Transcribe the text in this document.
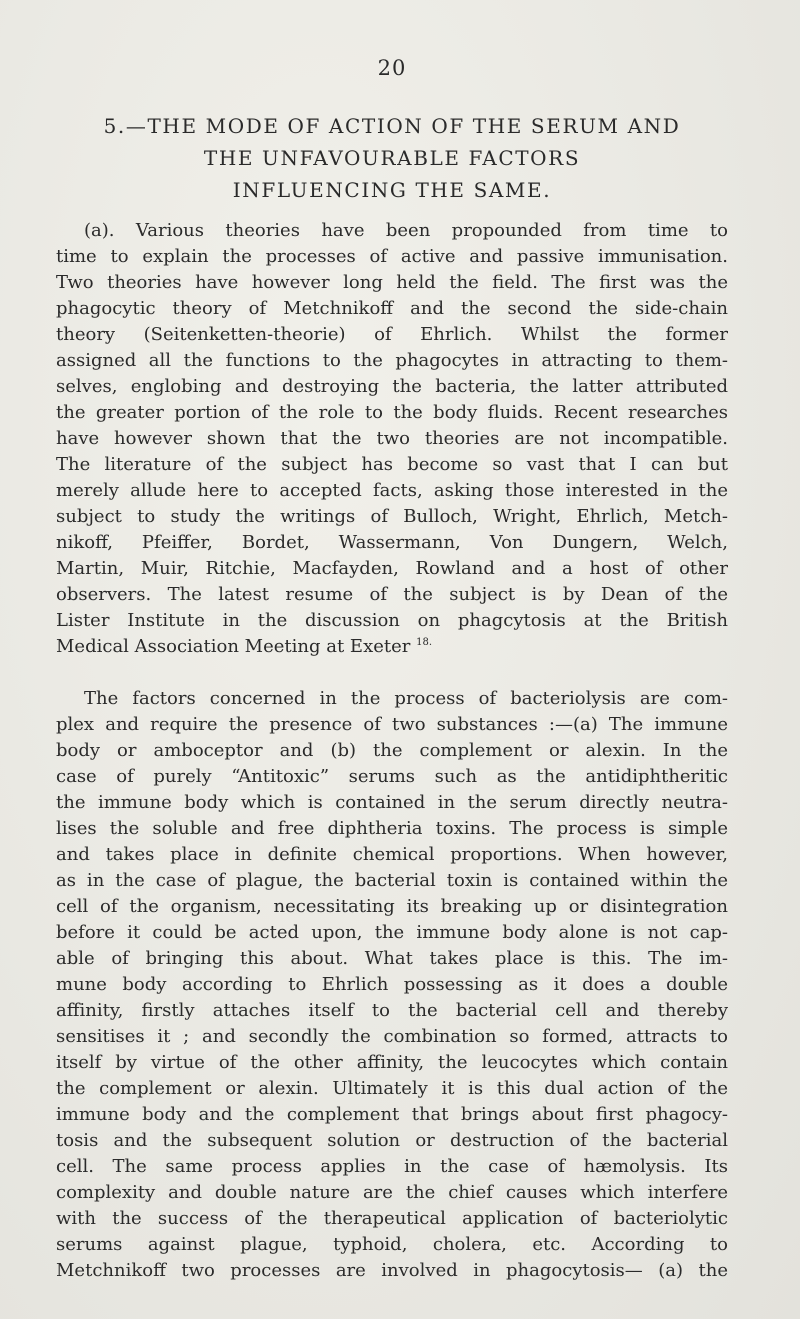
20
5.—THE MODE OF ACTION OF THE SERUM AND
THE UNFAVOURABLE FACTORS
INFLUENCING THE SAME.
(a). Various theories have been propounded from time to
time to explain the processes of active and passive immunisation.
Two theories have however long held the field. The first was the
phagocytic theory of Metchnikoff and the second the side-chain
theory (Seitenketten-theorie) of Ehrlich. Whilst the former
assigned all the functions to the phagocytes in attracting to them-
selves, englobing and destroying the bacteria, the latter attributed
the greater portion of the role to the body fluids. Recent researches
have however shown that the two theories are not incompatible.
The literature of the subject has become so vast that I can but
merely allude here to accepted facts, asking those interested in the
subject to study the writings of Bulloch, Wright, Ehrlich, Metch-
nikoff, Pfeiffer, Bordet, Wassermann, Von Dungern, Welch,
Martin, Muir, Ritchie, Macfayden, Rowland and a host of other
observers. The latest resume of the subject is by Dean of the
Lister Institute in the discussion on phagcytosis at the British
Medical Association Meeting at Exeter $^{18.}$
The factors concerned in the process of bacteriolysis are com-
plex and require the presence of two substances :—(a) The immune
body or amboceptor and (b) the complement or alexin. In the
case of purely “Antitoxic” serums such as the antidiphtheritic
the immune body which is contained in the serum directly neutra-
lises the soluble and free diphtheria toxins. The process is simple
and takes place in definite chemical proportions. When however,
as in the case of plague, the bacterial toxin is contained within the
cell of the organism, necessitating its breaking up or disintegration
before it could be acted upon, the immune body alone is not cap-
able of bringing this about. What takes place is this. The im-
mune body according to Ehrlich possessing as it does a double
affinity, firstly attaches itself to the bacterial cell and thereby
sensitises it ; and secondly the combination so formed, attracts to
itself by virtue of the other affinity, the leucocytes which contain
the complement or alexin. Ultimately it is this dual action of the
immune body and the complement that brings about first phagocy-
tosis and the subsequent solution or destruction of the bacterial
cell. The same process applies in the case of hæmolysis. Its
complexity and double nature are the chief causes which interfere
with the success of the therapeutical application of bacteriolytic
serums against plague, typhoid, cholera, etc. According to
Metchnikoff two processes are involved in phagocytosis— (a) the
